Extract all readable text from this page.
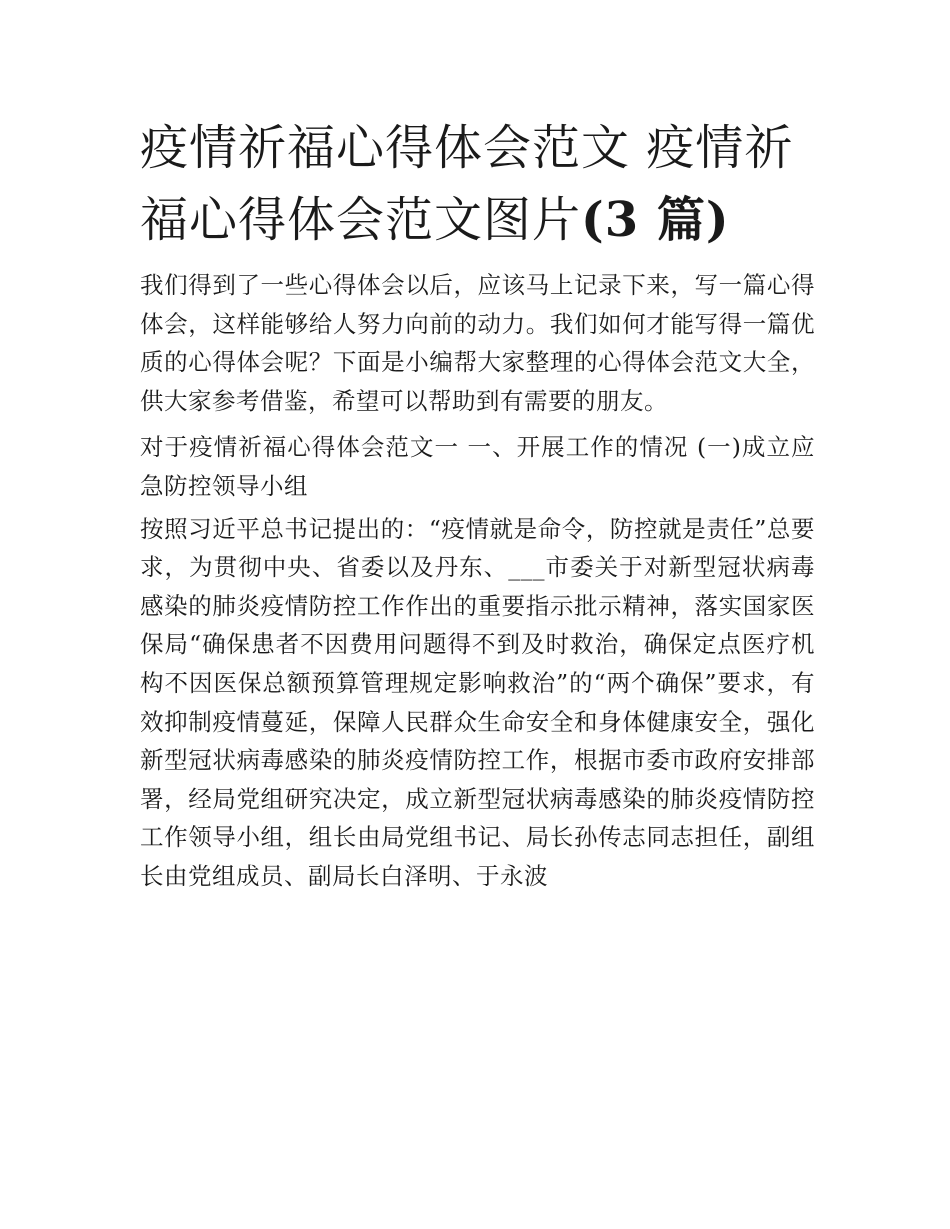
疫情祈福心得体会范文 疫情祈福心得体会范文图片(3 篇)

我们得到了一些心得体会以后，应该马上记录下来，写一篇心得体会，这样能够给人努力向前的动力。我们如何才能写得一篇优质的心得体会呢？下面是小编帮大家整理的心得体会范文大全，供大家参考借鉴，希望可以帮助到有需要的朋友。

对于疫情祈福心得体会范文一 一、开展工作的情况 (一)成立应急防控领导小组

按照习近平总书记提出的：“疫情就是命令，防控就是责任”总要求，为贯彻中央、省委以及丹东、___市委关于对新型冠状病毒感染的肺炎疫情防控工作作出的重要指示批示精神，落实国家医保局“确保患者不因费用问题得不到及时救治，确保定点医疗机构不因医保总额预算管理规定影响救治”的“两个确保”要求，有效抑制疫情蔓延，保障人民群众生命安全和身体健康安全，强化新型冠状病毒感染的肺炎疫情防控工作，根据市委市政府安排部署，经局党组研究决定，成立新型冠状病毒感染的肺炎疫情防控工作领导小组，组长由局党组书记、局长孙传志同志担任，副组长由党组成员、副局长白泽明、于永波
